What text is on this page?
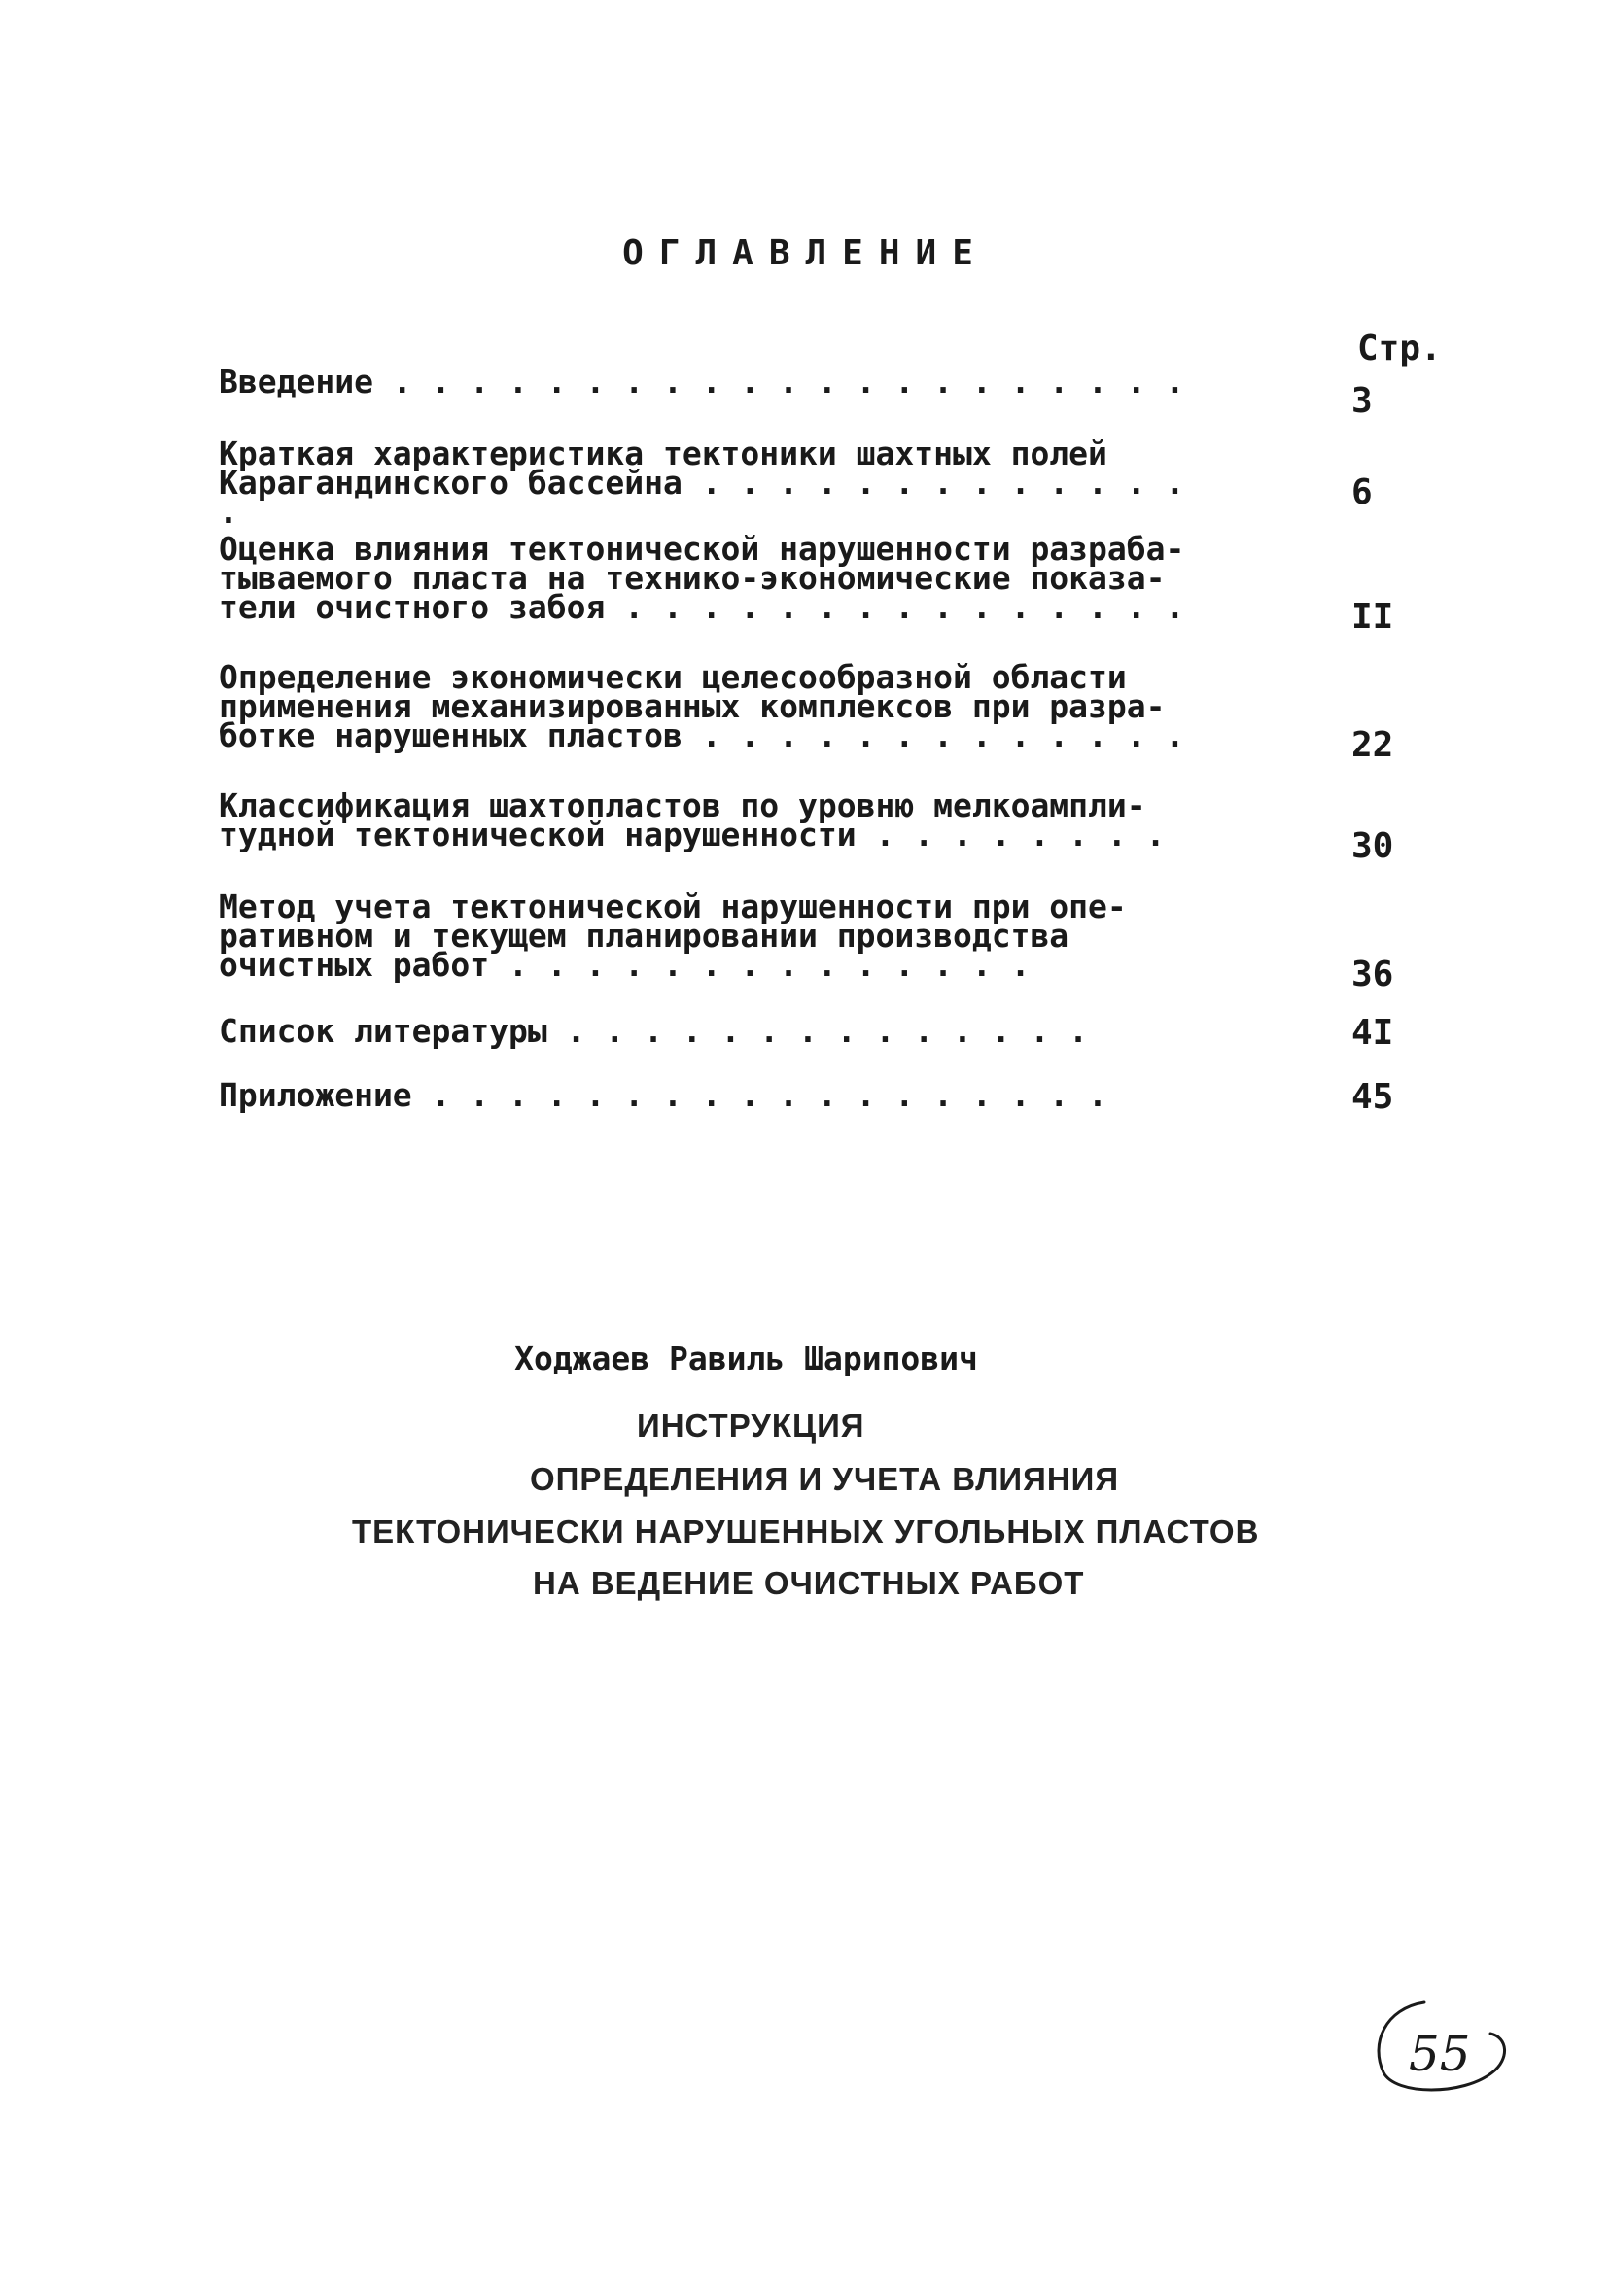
ОГЛАВЛЕНИЕ
Стр.
Введение . . . . . . . . . . . . . . . . . . . . .	3
Краткая характеристика тектоники шахтных полей
Карагандинского бассейна . . . . . . . . . . . . . .	6
Оценка влияния тектонической нарушенности разраба-
тываемого пласта на технико-экономические показа-
тели очистного забоя . . . . . . . . . . . . . . .	II
Определение экономически целесообразной области
применения механизированных комплексов при разра-
ботке нарушенных пластов . . . . . . . . . . . . .	22
Классификация шахтопластов по уровню мелкоампли-
тудной тектонической нарушенности . . . . . . . .	30
Метод учета тектонической нарушенности при опе-
ративном и текущем планировании производства
очистных работ . . . . . . . . . . . . . .	36
Список литературы . . . . . . . . . . . . . .	4I
Приложение . . . . . . . . . . . . . . . . . .	45
Ходжаев Равиль Шарипович
ИНСТРУКЦИЯ
ОПРЕДЕЛЕНИЯ И УЧЕТА ВЛИЯНИЯ
ТЕКТОНИЧЕСКИ НАРУШЕННЫХ УГОЛЬНЫХ ПЛАСТОВ
НА ВЕДЕНИЕ ОЧИСТНЫХ РАБОТ
55
